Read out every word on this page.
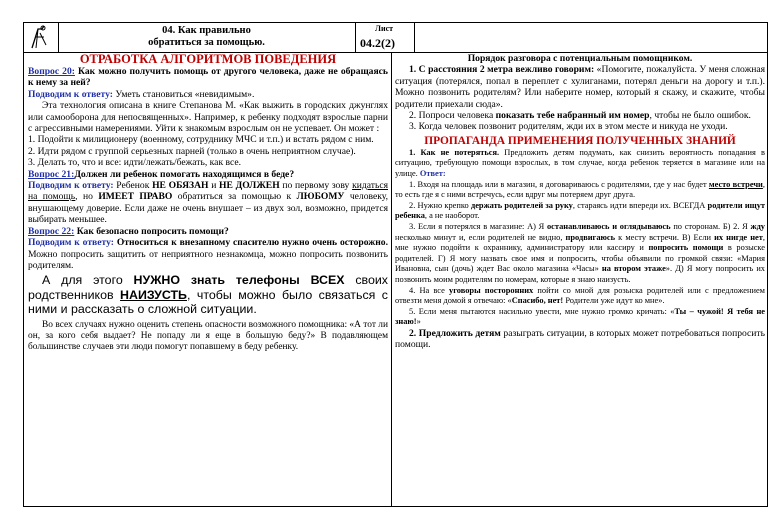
04. Как правильно
обратиться за помощью.
Лист
04.2(2)

ОТРАБОТКА АЛГОРИТМОВ ПОВЕДЕНИЯ

Вопрос 20: Как можно получить помощь от другого человека, даже не обращаясь к нему за ней?

Подводим к ответу: Уметь становиться «невидимым».

Эта технология описана в книге Степанова М. «Как выжить в городских джунглях или самооборона для непосвященных». Например, к ребенку подходят взрослые парни с агрессивными намерениями. Уйти к знакомым взрослым он не успевает. Он может :

1. Подойти к милиционеру (военному, сотруднику МЧС и т.п.) и встать рядом с ним.

2. Идти рядом с группой серьезных парней (только в очень неприятном случае).

3. Делать то, что и все: идти/лежать/бежать, как все.

Вопрос 21:Должен ли ребенок помогать находящимся в беде?

Подводим к ответу: Ребенок НЕ ОБЯЗАН и НЕ ДОЛЖЕН по первому зову кидаться на помощь, но ИМЕЕТ ПРАВО обратиться за помощью к ЛЮБОМУ человеку, внушающему доверие. Если даже не очень внушает – из двух зол, возможно, придется выбирать меньшее.

Вопрос 22: Как безопасно попросить помощи?

Подводим к ответу: Относиться к внезапному спасителю нужно очень осторожно. Можно попросить защитить от неприятного незнакомца, можно попросить позвонить родителям.

А для этого НУЖНО знать телефоны ВСЕХ своих родственников НАИЗУСТЬ, чтобы можно было связаться с ними и рассказать о сложной ситуации.

Во всех случаях нужно оценить степень опасности возможного помощника: «А тот ли он, за кого себя выдает? Не попаду ли я еще в большую беду?» В подавляющем большинстве случаев эти люди помогут попавшему в беду ребенку.

Порядок разговора с потенциальным помощником.

1. С расстояния 2 метра вежливо говорим: «Помогите, пожалуйста. У меня сложная ситуация (потерялся, попал в переплет с хулиганами, потерял деньги на дорогу и т.п.). Можно позвонить родителям? Или наберите номер, который я скажу, и скажите, чтобы родители приехали сюда».

2. Попроси человека показать тебе набранный им номер, чтобы не было ошибок.

3. Когда человек позвонит родителям, жди их в этом месте и никуда не уходи.

ПРОПАГАНДА ПРИМЕНЕНИЯ ПОЛУЧЕННЫХ ЗНАНИЙ

1. Как не потеряться. Предложить детям подумать, как снизить вероятность попадания в ситуацию, требующую помощи взрослых, в том случае, когда ребенок теряется в магазине или на улице. Ответ:

1. Входя на площадь или в магазин, я договариваюсь с родителями, где у нас будет место встречи, то есть где я с ними встречусь, если вдруг мы потеряем друг друга.

2. Нужно крепко держать родителей за руку, стараясь идти впереди их. ВСЕГДА родители ищут ребенка, а не наоборот.

3. Если я потерялся в магазине: А) Я останавливаюсь и оглядываюсь по сторонам. Б) 2. Я жду несколько минут и, если родителей не видно, продвигаюсь к месту встречи. В) Если их нигде нет, мне нужно подойти к охраннику, администратору или кассиру и попросить помощи в розыске родителей. Г) Я могу назвать свое имя и попросить, чтобы объявили по громкой связи: «Мария Ивановна, сын (дочь) ждет Вас около магазина «Часы» на втором этаже». Д) Я могу попросить их позвонить моим родителям по номерам, которые я знаю наизусть.

4. На все уговоры посторонних пойти со мной для розыска родителей или с предложением отвезти меня домой я отвечаю: «Спасибо, нет! Родители уже идут ко мне».

5. Если меня пытаются насильно увести, мне нужно громко кричать: «Ты – чужой! Я тебя не знаю!»

2. Предложить детям разыграть ситуации, в которых может потребоваться попросить помощи.
